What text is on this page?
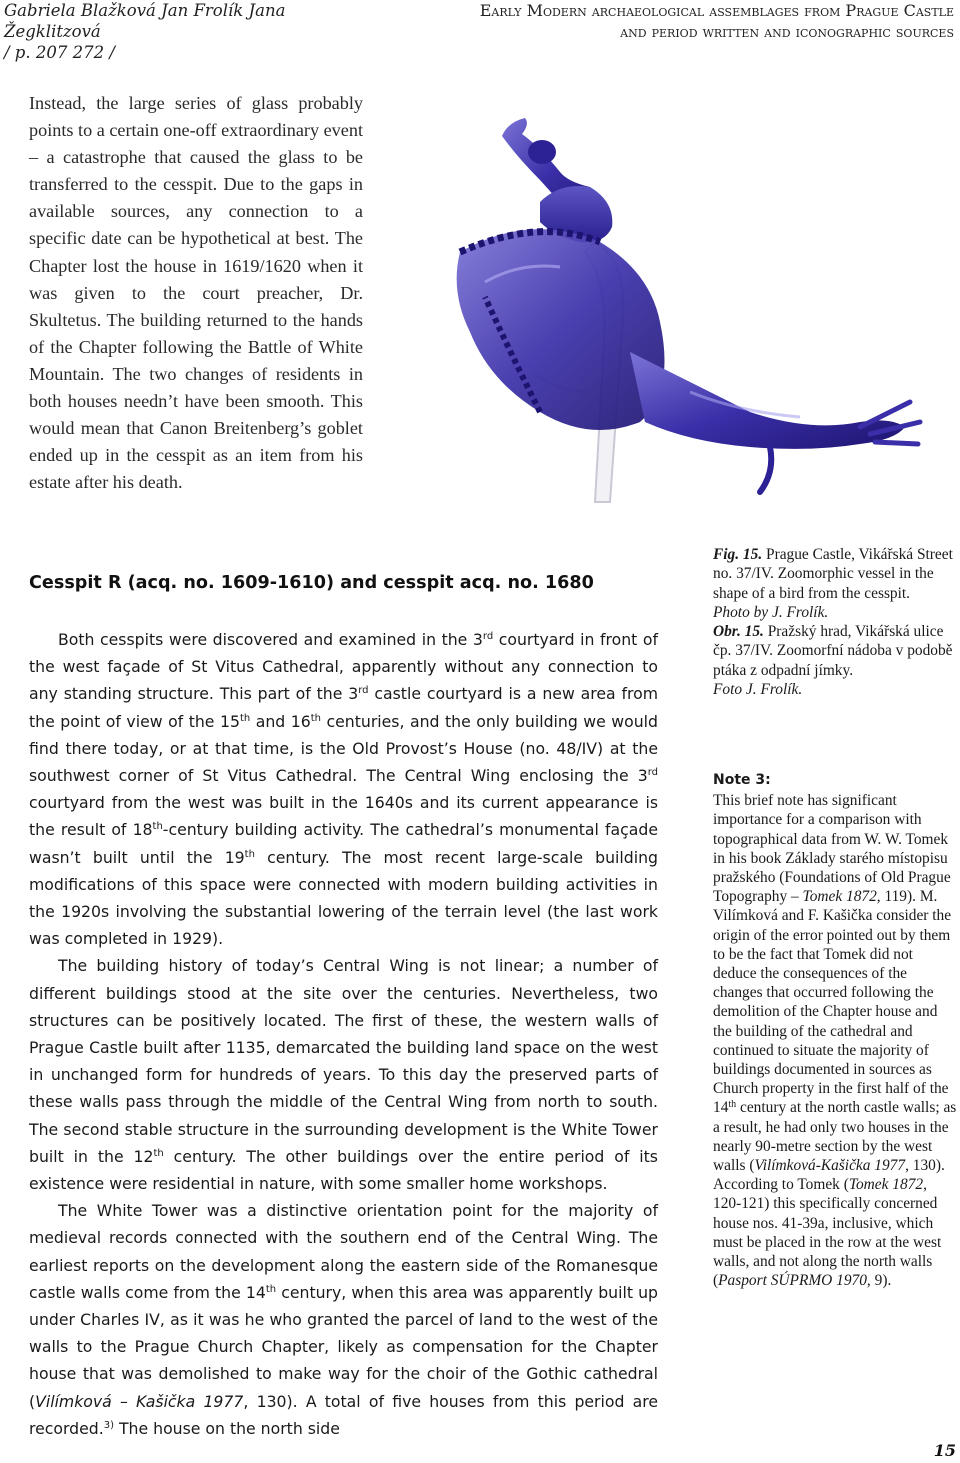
Gabriela Blažková Jan Frolík Jana Žegklitzová
/ p. 207 272 /
Early Modern archaeological assemblages from Prague Castle
and period written and iconographic sources

Instead, the large series of glass probably points to a certain one-off extraordinary event – a catastrophe that caused the glass to be transferred to the cesspit. Due to the gaps in available sources, any connection to a specific date can be hypothetical at best. The Chapter lost the house in 1619/1620 when it was given to the court preacher, Dr. Skultetus. The building returned to the hands of the Chapter following the Battle of White Mountain. The two changes of residents in both houses needn’t have been smooth. This would mean that Canon Breitenberg’s goblet ended up in the cesspit as an item from his estate after his death.

Cesspit R (acq. no. 1609-1610) and cesspit acq. no. 1680

Both cesspits were discovered and examined in the 3rd courtyard in front of the west façade of St Vitus Cathedral, apparently without any connection to any standing structure. This part of the 3rd castle courtyard is a new area from the point of view of the 15th and 16th centuries, and the only building we would find there today, or at that time, is the Old Provost’s House (no. 48/IV) at the southwest corner of St Vitus Cathedral. The Central Wing enclosing the 3rd courtyard from the west was built in the 1640s and its current appearance is the result of 18th-century building activity. The cathedral’s monumental façade wasn’t built until the 19th century. The most recent large-scale building modifications of this space were connected with modern building activities in the 1920s involving the substantial lowering of the terrain level (the last work was completed in 1929).

The building history of today’s Central Wing is not linear; a number of different buildings stood at the site over the centuries. Nevertheless, two structures can be positively located. The first of these, the western walls of Prague Castle built after 1135, demarcated the building land space on the west in unchanged form for hundreds of years. To this day the preserved parts of these walls pass through the middle of the Central Wing from north to south. The second stable structure in the surrounding development is the White Tower built in the 12th century. The other buildings over the entire period of its existence were residential in nature, with some smaller home workshops.

The White Tower was a distinctive orientation point for the majority of medieval records connected with the southern end of the Central Wing. The earliest reports on the development along the eastern side of the Romanesque castle walls come from the 14th century, when this area was apparently built up under Charles IV, as it was he who granted the parcel of land to the west of the walls to the Prague Church Chapter, likely as compensation for the Chapter house that was demolished to make way for the choir of the Gothic cathedral (Vilímková – Kašička 1977, 130). A total of five houses from this period are recorded.$^{3)}$ The house on the north side

Fig. 15. Prague Castle, Vikářská Street no. 37/IV. Zoomorphic vessel in the shape of a bird from the cesspit.

Photo by J. Frolík.

Obr. 15. Pražský hrad, Vikářská ulice čp. 37/IV. Zoomorfní nádoba v podobě ptáka z odpadní jímky.

Foto J. Frolík.

Note 3:

This brief note has significant importance for a comparison with topographical data from W. W. Tomek in his book Základy starého místopisu pražského (Foundations of Old Prague Topography – Tomek 1872, 119). M. Vilímková and F. Kašička consider the origin of the error pointed out by them to be the fact that Tomek did not deduce the consequences of the changes that occurred following the demolition of the Chapter house and the building of the cathedral and continued to situate the majority of buildings documented in sources as Church property in the first half of the 14th century at the north castle walls; as a result, he had only two houses in the nearly 90-metre section by the west walls (Vilímková-Kašička 1977, 130). According to Tomek (Tomek 1872, 120-121) this specifically concerned house nos. 41-39a, inclusive, which must be placed in the row at the west walls, and not along the north walls (Pasport SÚPRMO 1970, 9).

15
